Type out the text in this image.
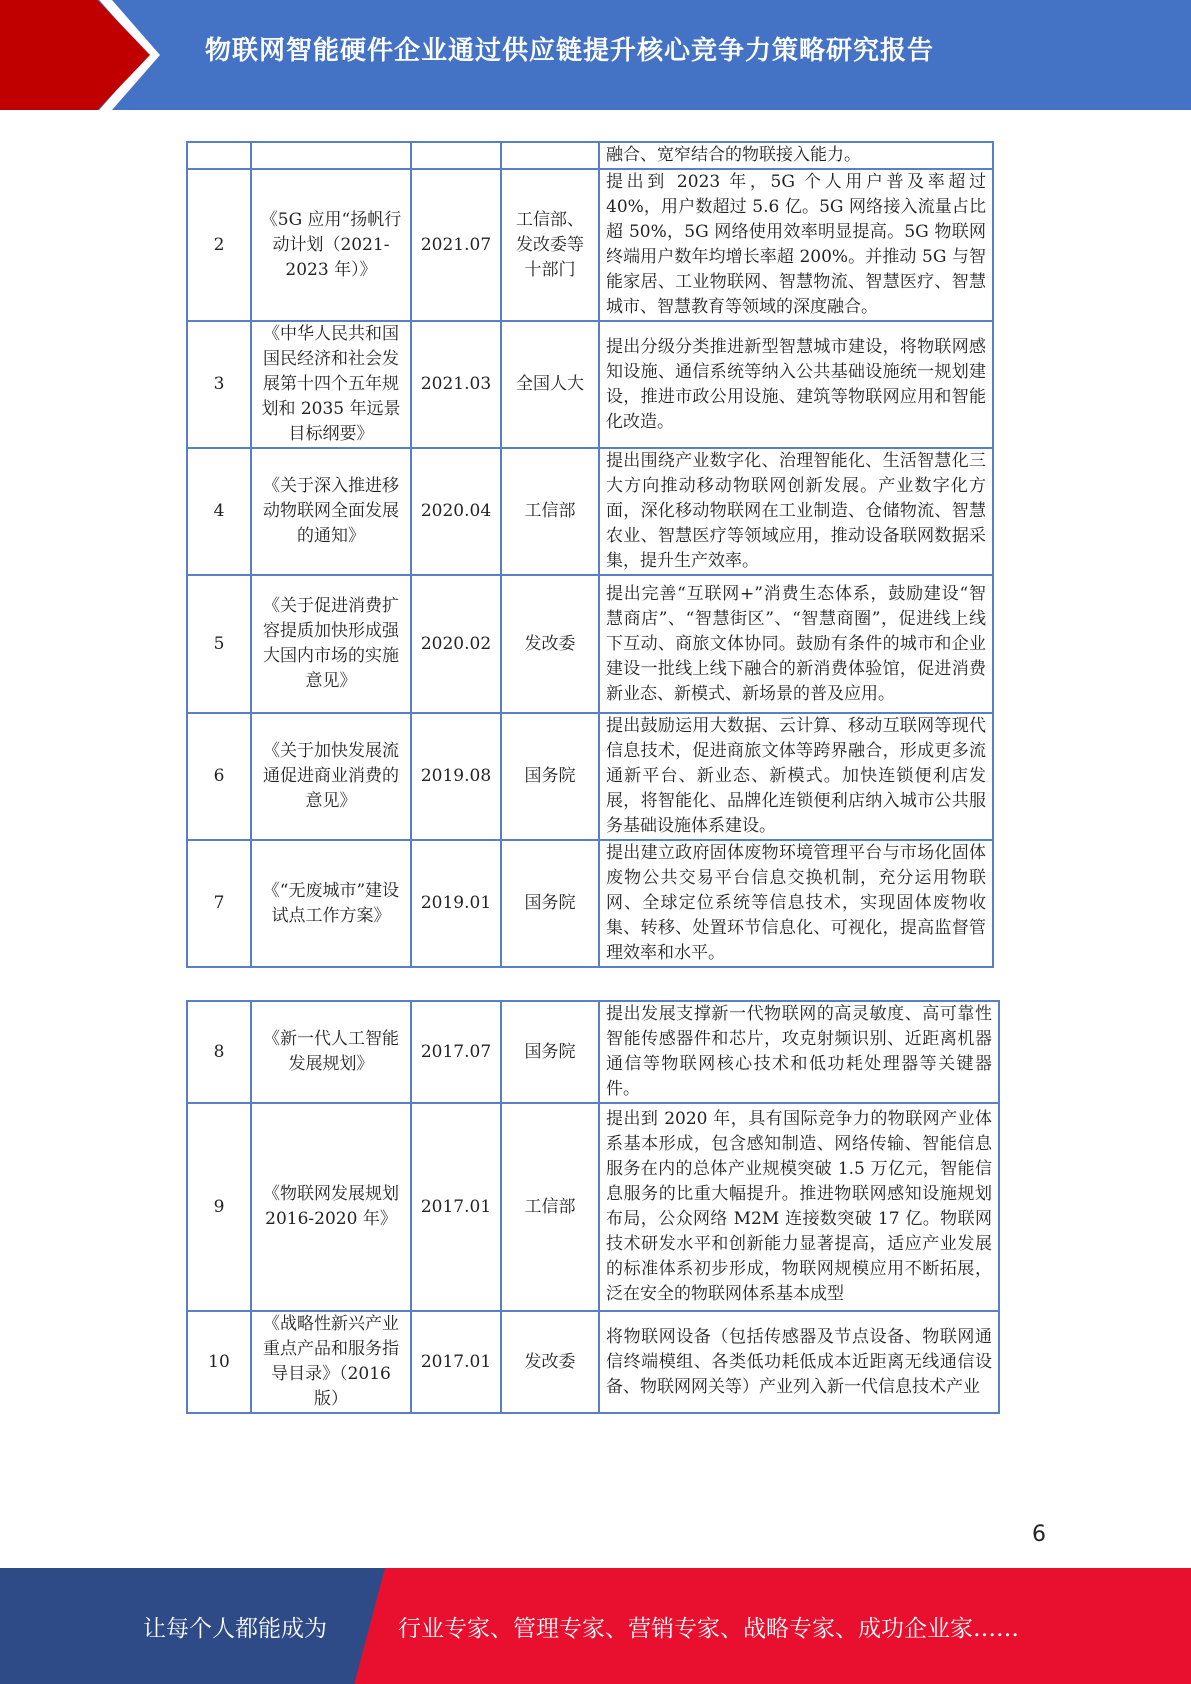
物联网智能硬件企业通过供应链提升核心竞争力策略研究报告
				融合、宽窄结合的物联接入能力。
2	《5G 应用“扬帆行动计划（2021-2023 年）》	2021.07	工信部、发改委等十部门	提出到 2023 年，5G 个人用户普及率超过 40%，用户数超过 5.6 亿。5G 网络接入流量占比超 50%，5G 网络使用效率明显提高。5G 物联网终端用户数年均增长率超 200%。并推动 5G 与智能家居、工业物联网、智慧物流、智慧医疗、智慧城市、智慧教育等领域的深度融合。
3	《中华人民共和国国民经济和社会发展第十四个五年规划和 2035 年远景目标纲要》	2021.03	全国人大	提出分级分类推进新型智慧城市建设，将物联网感知设施、通信系统等纳入公共基础设施统一规划建设，推进市政公用设施、建筑等物联网应用和智能化改造。
4	《关于深入推进移动物联网全面发展的通知》	2020.04	工信部	提出围绕产业数字化、治理智能化、生活智慧化三大方向推动移动物联网创新发展。产业数字化方面，深化移动物联网在工业制造、仓储物流、智慧农业、智慧医疗等领域应用，推动设备联网数据采集，提升生产效率。
5	《关于促进消费扩容提质加快形成强大国内市场的实施意见》	2020.02	发改委	提出完善“互联网+”消费生态体系，鼓励建设“智慧商店”、“智慧街区”、“智慧商圈”，促进线上线下互动、商旅文体协同。鼓励有条件的城市和企业建设一批线上线下融合的新消费体验馆，促进消费新业态、新模式、新场景的普及应用。
6	《关于加快发展流通促进商业消费的意见》	2019.08	国务院	提出鼓励运用大数据、云计算、移动互联网等现代信息技术，促进商旅文体等跨界融合，形成更多流通新平台、新业态、新模式。加快连锁便利店发展，将智能化、品牌化连锁便利店纳入城市公共服务基础设施体系建设。
7	《“无废城市”建设试点工作方案》	2019.01	国务院	提出建立政府固体废物环境管理平台与市场化固体废物公共交易平台信息交换机制，充分运用物联网、全球定位系统等信息技术，实现固体废物收集、转移、处置环节信息化、可视化，提高监督管理效率和水平。
8	《新一代人工智能发展规划》	2017.07	国务院	提出发展支撑新一代物联网的高灵敏度、高可靠性智能传感器件和芯片，攻克射频识别、近距离机器通信等物联网核心技术和低功耗处理器等关键器件。
9	《物联网发展规划 2016-2020 年》	2017.01	工信部	提出到 2020 年，具有国际竞争力的物联网产业体系基本形成，包含感知制造、网络传输、智能信息服务在内的总体产业规模突破 1.5 万亿元，智能信息服务的比重大幅提升。推进物联网感知设施规划布局，公众网络 M2M 连接数突破 17 亿。物联网技术研发水平和创新能力显著提高，适应产业发展的标准体系初步形成，物联网规模应用不断拓展，泛在安全的物联网体系基本成型
10	《战略性新兴产业重点产品和服务指导目录》（2016 版）	2017.01	发改委	将物联网设备（包括传感器及节点设备、物联网通信终端模组、各类低功耗低成本近距离无线通信设备、物联网网关等）产业列入新一代信息技术产业
6
让每个人都能成为	行业专家、管理专家、营销专家、战略专家、成功企业家……
